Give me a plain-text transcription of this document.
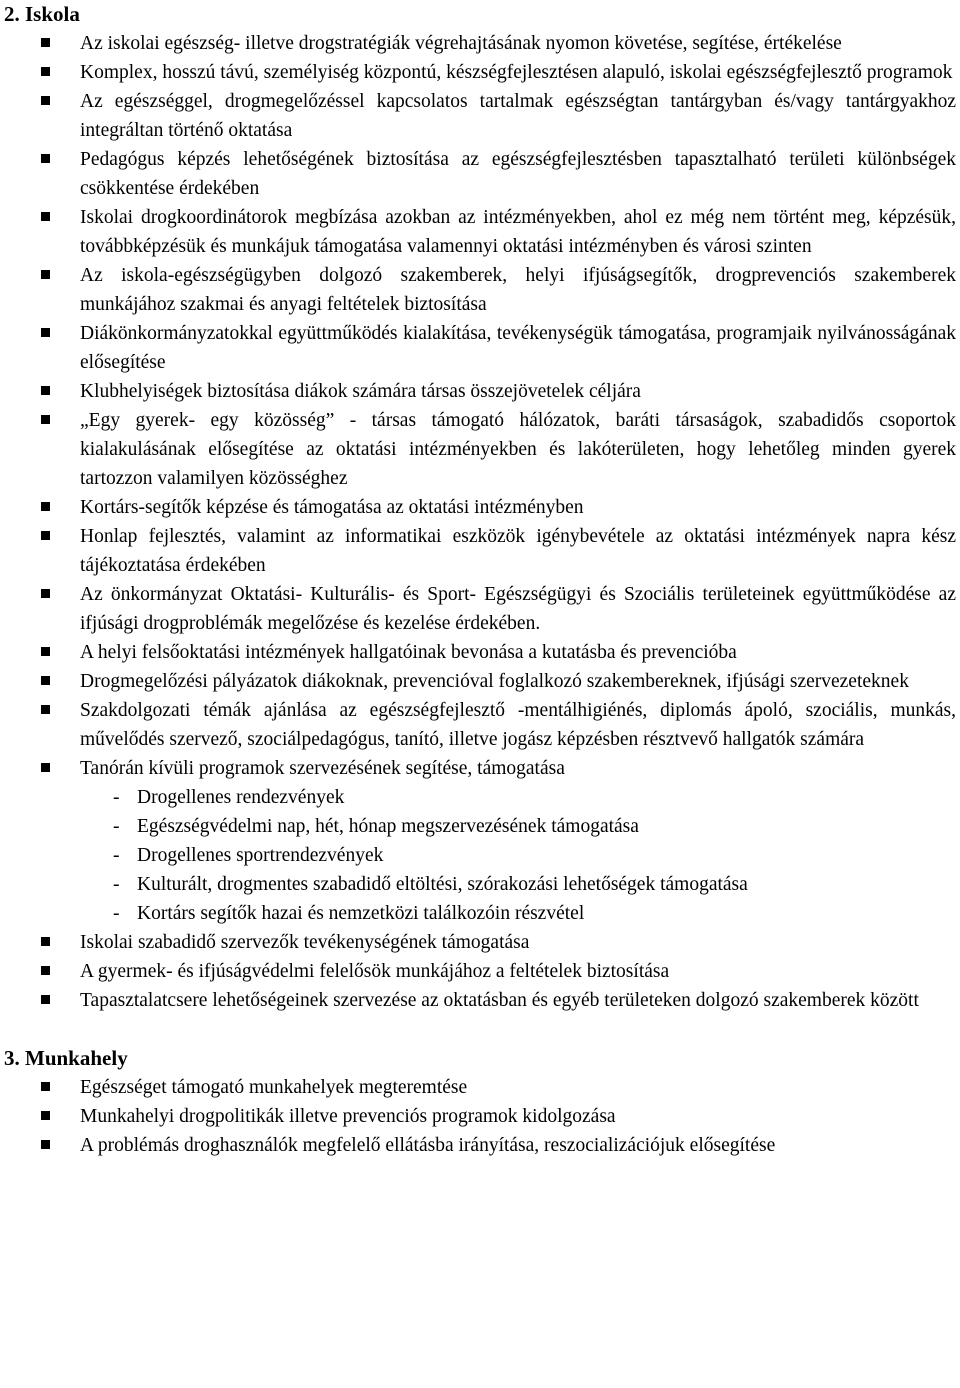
2. Iskola
Az iskolai egészség- illetve drogstratégiák végrehajtásának nyomon követése, segítése, értékelése
Komplex, hosszú távú, személyiség központú, készségfejlesztésen alapuló, iskolai egészségfejlesztő programok
Az egészséggel, drogmegelőzéssel kapcsolatos tartalmak egészségtan tantárgyban és/vagy tantárgyakhoz integráltan történő oktatása
Pedagógus képzés lehetőségének biztosítása az egészségfejlesztésben tapasztalható területi különbségek csökkentése érdekében
Iskolai drogkoordinátorok megbízása azokban az intézményekben, ahol ez még nem történt meg, képzésük, továbbképzésük és munkájuk támogatása valamennyi oktatási intézményben és városi szinten
Az iskola-egészségügyben dolgozó szakemberek, helyi ifjúságsegítők, drogprevenciós szakemberek munkájához szakmai és anyagi feltételek biztosítása
Diákönkormányzatokkal együttműködés kialakítása, tevékenységük támogatása, programjaik nyilvánosságának elősegítése
Klubhelyiségek biztosítása diákok számára társas összejövetelek céljára
„Egy gyerek- egy közösség” - társas támogató hálózatok, baráti társaságok, szabadidős csoportok kialakulásának elősegítése az oktatási intézményekben és lakóterületen, hogy lehetőleg minden gyerek tartozzon valamilyen közösséghez
Kortárs-segítők képzése és támogatása az oktatási intézményben
Honlap fejlesztés, valamint az informatikai eszközök igénybevétele az oktatási intézmények napra kész tájékoztatása érdekében
Az önkormányzat Oktatási- Kulturális- és Sport- Egészségügyi és Szociális területeinek együttműködése az ifjúsági drogproblémák megelőzése és kezelése érdekében.
A helyi felsőoktatási intézmények hallgatóinak bevonása a kutatásba és prevencióba
Drogmegelőzési pályázatok diákoknak, prevencióval foglalkozó szakembereknek, ifjúsági szervezeteknek
Szakdolgozati témák ajánlása az egészségfejlesztő -mentálhigiénés, diplomás ápoló, szociális, munkás, művelődés szervező, szociálpedagógus, tanító, illetve jogász képzésben résztvevő hallgatók számára
Tanórán kívüli programok szervezésének segítése, támogatása
- Drogellenes rendezvények
- Egészségvédelmi nap, hét, hónap megszervezésének támogatása
- Drogellenes sportrendezvények
- Kulturált, drogmentes szabadidő eltöltési, szórakozási lehetőségek támogatása
- Kortárs segítők hazai és nemzetközi találkozóin részvétel
Iskolai szabadidő szervezők tevékenységének támogatása
A gyermek- és ifjúságvédelmi felelősök munkájához a feltételek biztosítása
Tapasztalatcsere lehetőségeinek szervezése az oktatásban és egyéb területeken dolgozó szakemberek között
3. Munkahely
Egészséget támogató munkahelyek megteremtése
Munkahelyi drogpolitikák illetve prevenciós programok kidolgozása
A problémás droghasználók megfelelő ellátásba irányítása, reszocializációjuk elősegítése
